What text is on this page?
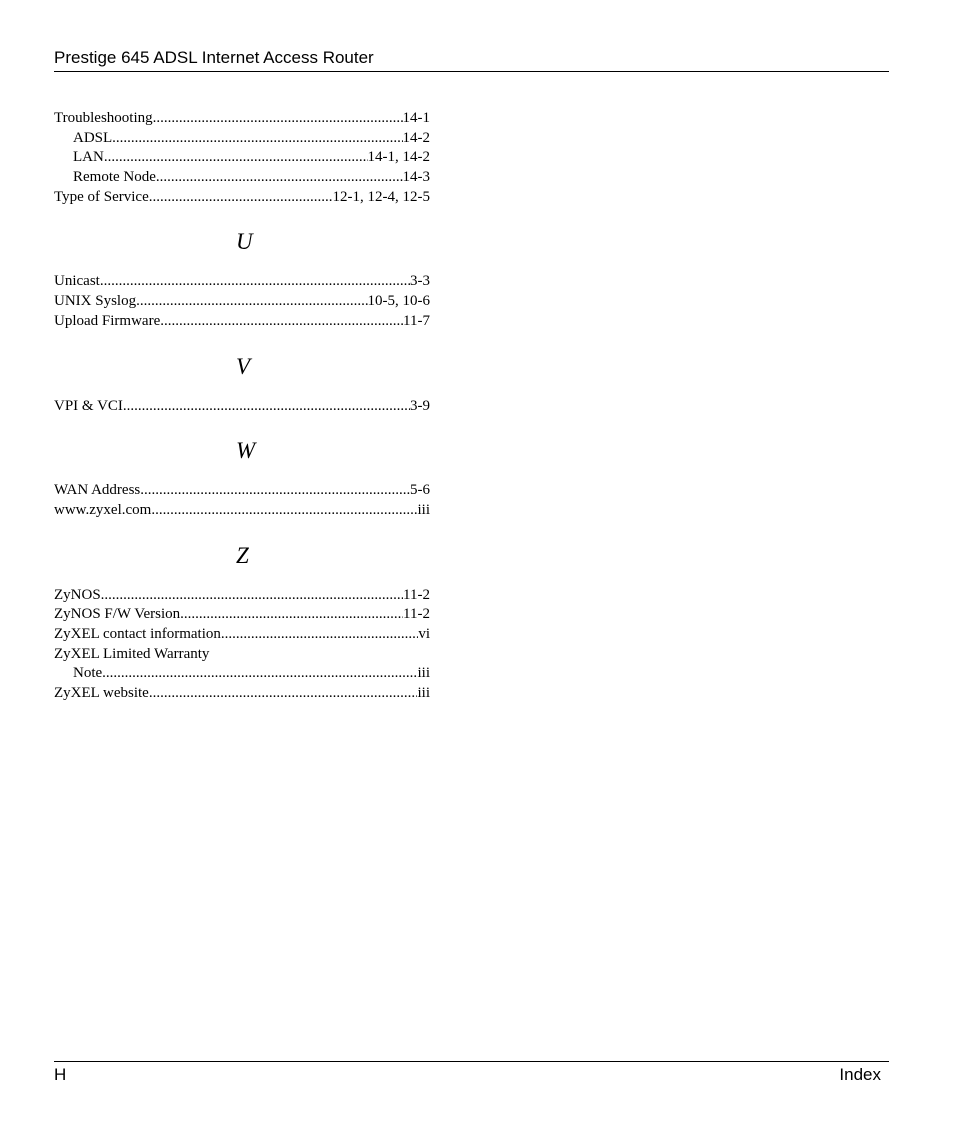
Prestige 645 ADSL Internet Access Router
Troubleshooting .....	14-1
ADSL .....	14-2
LAN .....	14-1, 14-2
Remote Node .....	14-3
Type of Service .....	12-1, 12-4, 12-5
U
Unicast .....	3-3
UNIX Syslog .....	10-5, 10-6
Upload Firmware .....	11-7
V
VPI & VCI .....	3-9
W
WAN Address .....	5-6
www.zyxel.com .....	iii
Z
ZyNOS .....	11-2
ZyNOS F/W Version .....	11-2
ZyXEL contact information .....	vi
ZyXEL Limited Warranty
Note .....	iii
ZyXEL website .....	iii
H	Index
